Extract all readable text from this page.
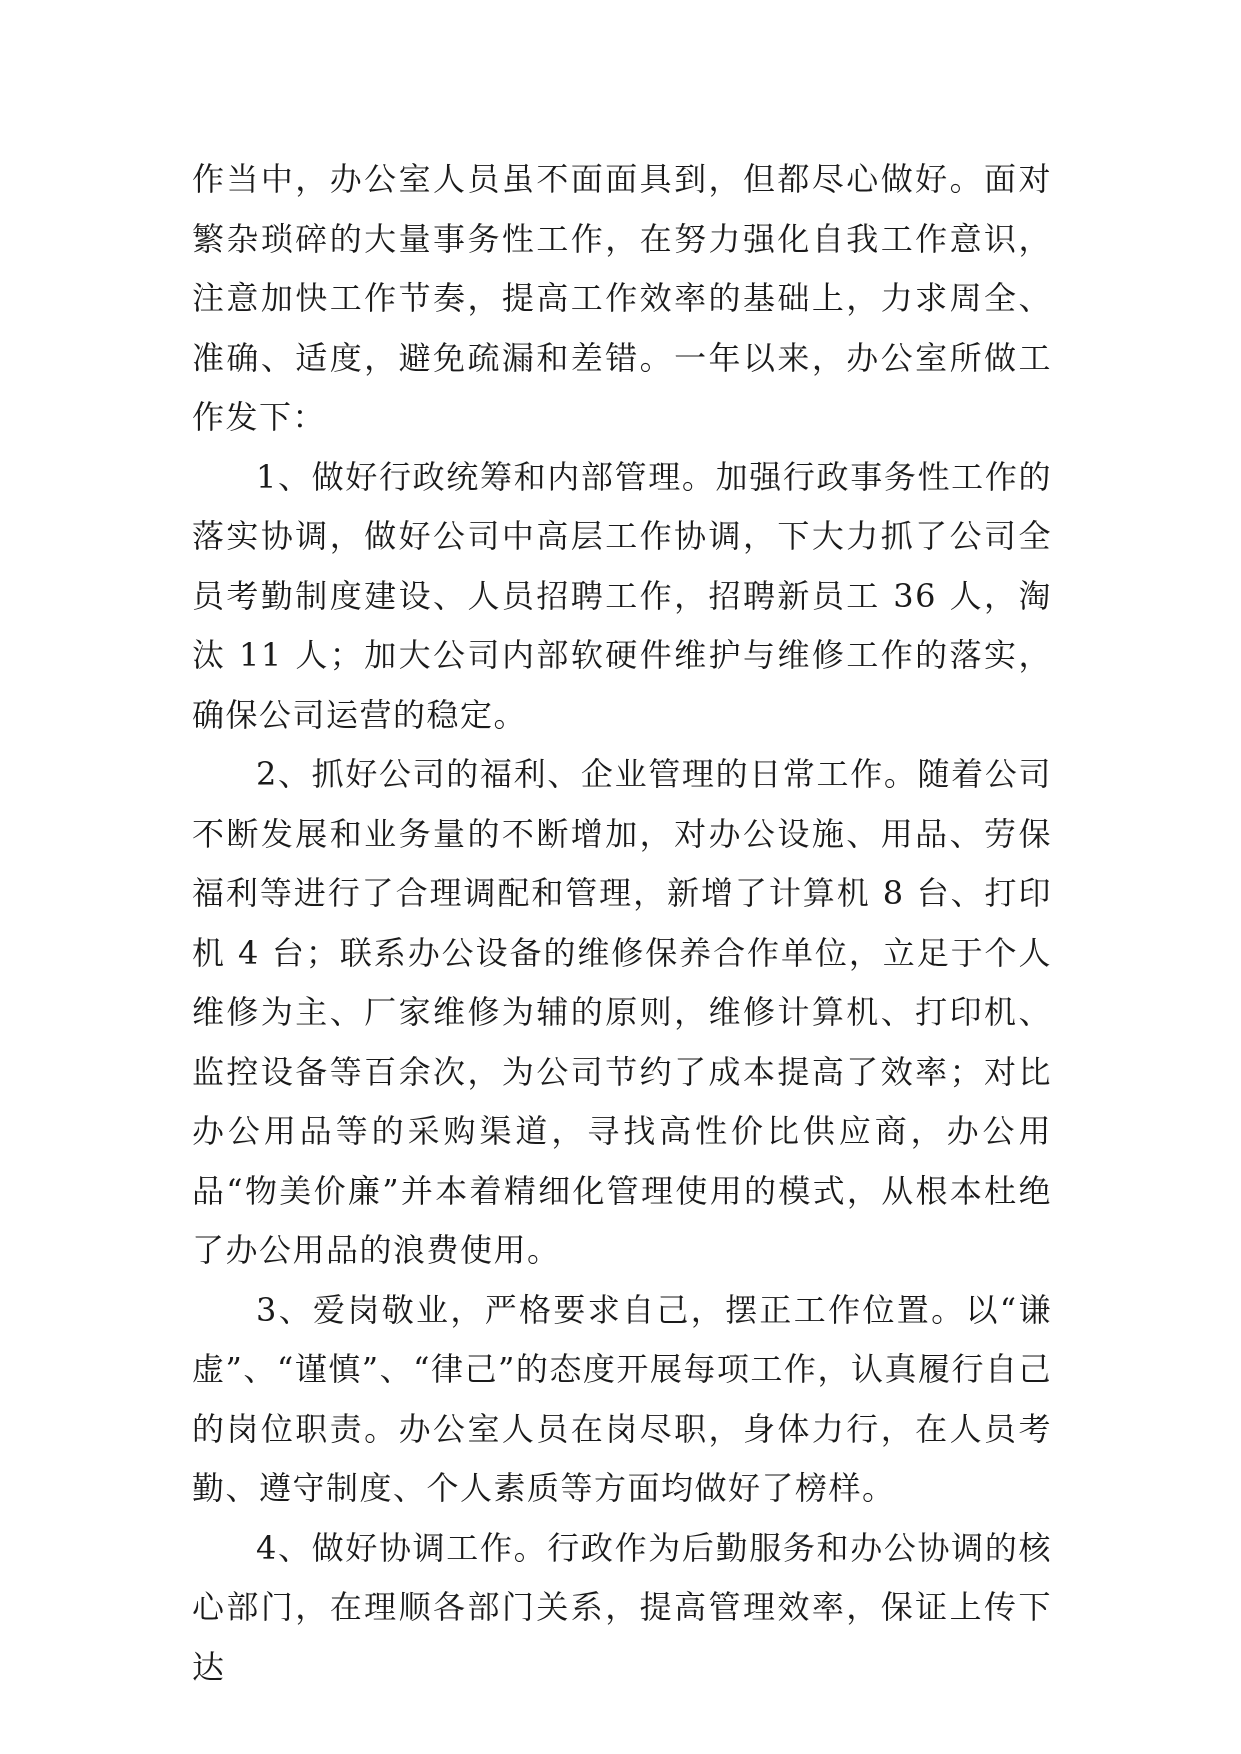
作当中，办公室人员虽不面面具到，但都尽心做好。面对繁杂琐碎的大量事务性工作，在努力强化自我工作意识，注意加快工作节奏，提高工作效率的基础上，力求周全、准确、适度，避免疏漏和差错。一年以来，办公室所做工作发下：

1、做好行政统筹和内部管理。加强行政事务性工作的落实协调，做好公司中高层工作协调，下大力抓了公司全员考勤制度建设、人员招聘工作，招聘新员工 36 人，淘汰 11 人；加大公司内部软硬件维护与维修工作的落实，确保公司运营的稳定。

2、抓好公司的福利、企业管理的日常工作。随着公司不断发展和业务量的不断增加，对办公设施、用品、劳保福利等进行了合理调配和管理，新增了计算机 8 台、打印机 4 台；联系办公设备的维修保养合作单位，立足于个人维修为主、厂家维修为辅的原则，维修计算机、打印机、监控设备等百余次，为公司节约了成本提高了效率；对比办公用品等的采购渠道，寻找高性价比供应商，办公用品“物美价廉”并本着精细化管理使用的模式，从根本杜绝了办公用品的浪费使用。

3、爱岗敬业，严格要求自己，摆正工作位置。以“谦虚”、“谨慎”、“律己”的态度开展每项工作，认真履行自己的岗位职责。办公室人员在岗尽职，身体力行，在人员考勤、遵守制度、个人素质等方面均做好了榜样。

4、做好协调工作。行政作为后勤服务和办公协调的核心部门，在理顺各部门关系，提高管理效率，保证上传下达
